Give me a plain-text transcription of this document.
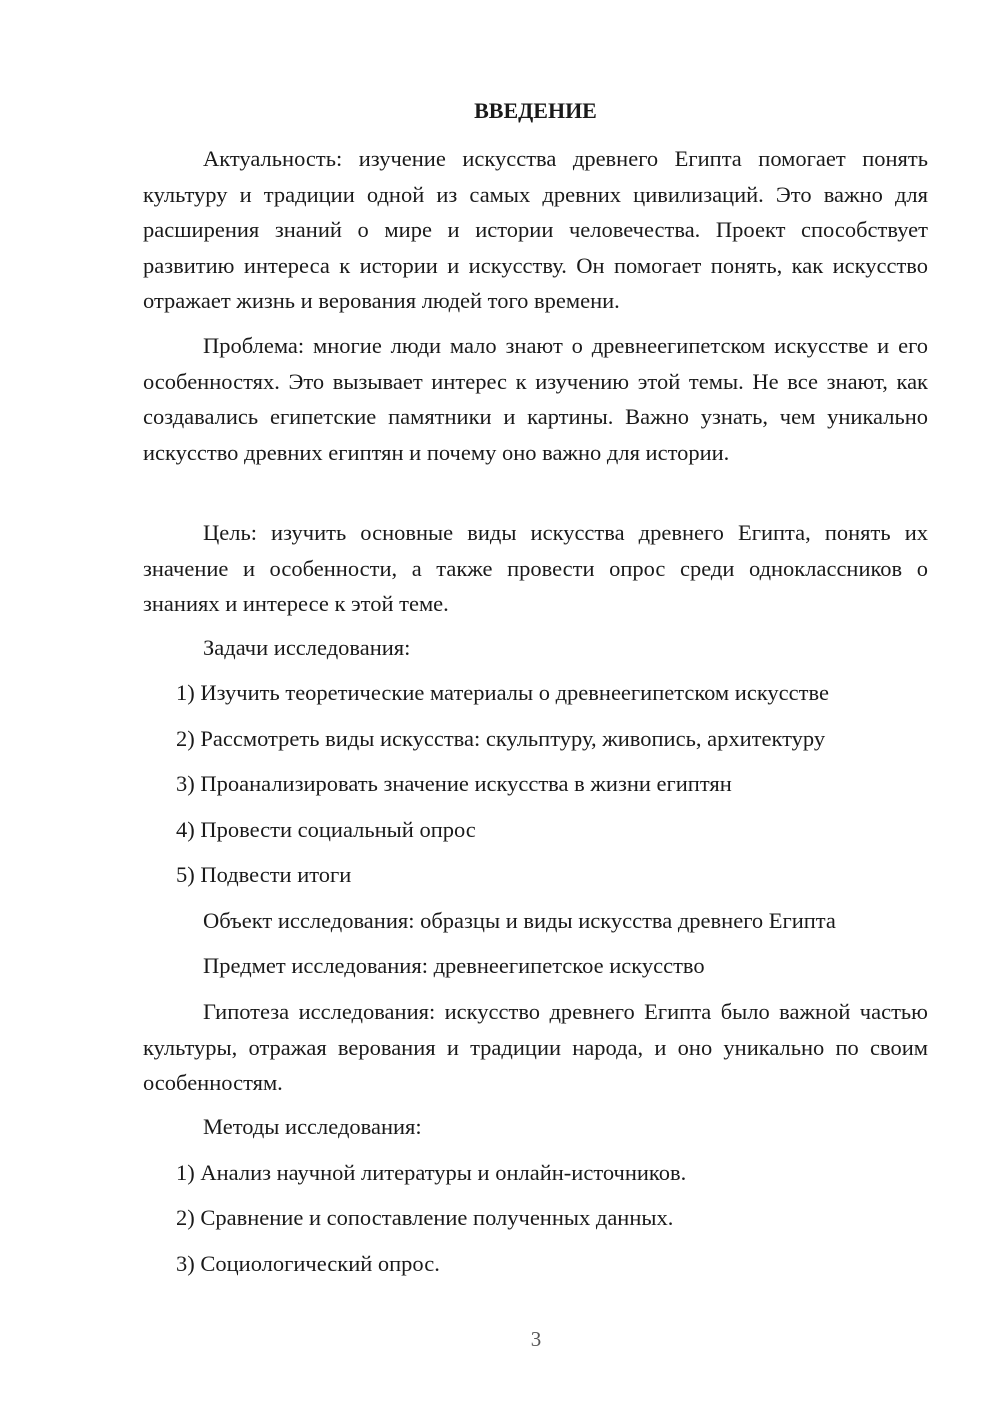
ВВЕДЕНИЕ

Актуальность: изучение искусства древнего Египта помогает понять культуру и традиции одной из самых древних цивилизаций. Это важно для расширения знаний о мире и истории человечества. Проект способствует развитию интереса к истории и искусству. Он помогает понять, как искусство отражает жизнь и верования людей того времени.

Проблема: многие люди мало знают о древнеегипетском искусстве и его особенностях. Это вызывает интерес к изучению этой темы. Не все знают, как создавались египетские памятники и картины. Важно узнать, чем уникально искусство древних египтян и почему оно важно для истории.

Цель: изучить основные виды искусства древнего Египта, понять их значение и особенности, а также провести опрос среди одноклассников о знаниях и интересе к этой теме.

Задачи исследования:

1) Изучить теоретические материалы о древнеегипетском искусстве

2) Рассмотреть виды искусства: скульптуру, живопись, архитектуру

3) Проанализировать значение искусства в жизни египтян

4) Провести социальный опрос

5) Подвести итоги

Объект исследования: образцы и виды искусства древнего Египта

Предмет исследования: древнеегипетское искусство

Гипотеза исследования: искусство древнего Египта было важной частью культуры, отражая верования и традиции народа, и оно уникально по своим особенностям.

Методы исследования:

1) Анализ научной литературы и онлайн-источников.

2) Сравнение и сопоставление полученных данных.

3) Социологический опрос.

3
